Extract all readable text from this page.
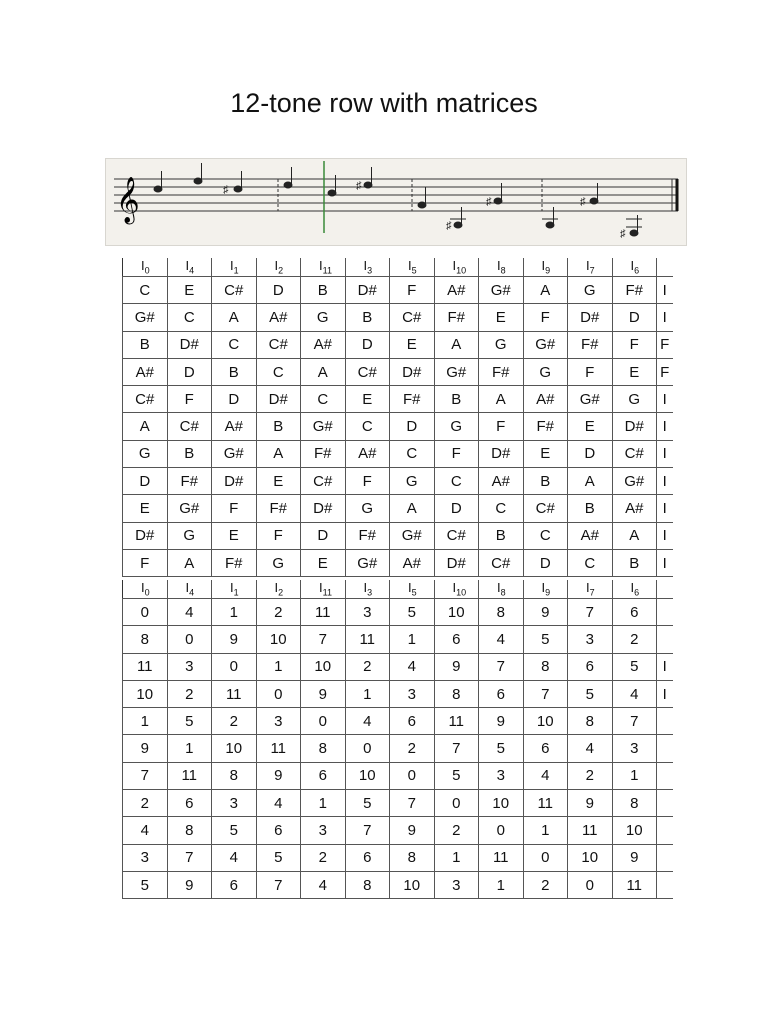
12-tone row with matrices
𝄞	♯	♯
♯
♯	♯
♯
$I_0$	$I_4$	$I_1$	$I_2$	$I_{11}$	$I_3$	$I_5$	$I_{10}$	$I_8$	$I_9$	$I_7$	$I_6$	
C	E	C#	D	B	D#	F	A#	G#	A	G	F#	I
G#	C	A	A#	G	B	C#	F#	E	F	D#	D	I
B	D#	C	C#	A#	D	E	A	G	G#	F#	F	F
A#	D	B	C	A	C#	D#	G#	F#	G	F	E	F
C#	F	D	D#	C	E	F#	B	A	A#	G#	G	I
A	C#	A#	B	G#	C	D	G	F	F#	E	D#	I
G	B	G#	A	F#	A#	C	F	D#	E	D	C#	I
D	F#	D#	E	C#	F	G	C	A#	B	A	G#	I
E	G#	F	F#	D#	G	A	D	C	C#	B	A#	I
D#	G	E	F	D	F#	G#	C#	B	C	A#	A	I
F	A	F#	G	E	G#	A#	D#	C#	D	C	B	I
$I_0$	$I_4$	$I_1$	$I_2$	$I_{11}$	$I_3$	$I_5$	$I_{10}$	$I_8$	$I_9$	$I_7$	$I_6$	
0	4	1	2	11	3	5	10	8	9	7	6	
8	0	9	10	7	11	1	6	4	5	3	2	
11	3	0	1	10	2	4	9	7	8	6	5	I
10	2	11	0	9	1	3	8	6	7	5	4	I
1	5	2	3	0	4	6	11	9	10	8	7	
9	1	10	11	8	0	2	7	5	6	4	3	
7	11	8	9	6	10	0	5	3	4	2	1	
2	6	3	4	1	5	7	0	10	11	9	8	
4	8	5	6	3	7	9	2	0	1	11	10	
3	7	4	5	2	6	8	1	11	0	10	9	
5	9	6	7	4	8	10	3	1	2	0	11	
